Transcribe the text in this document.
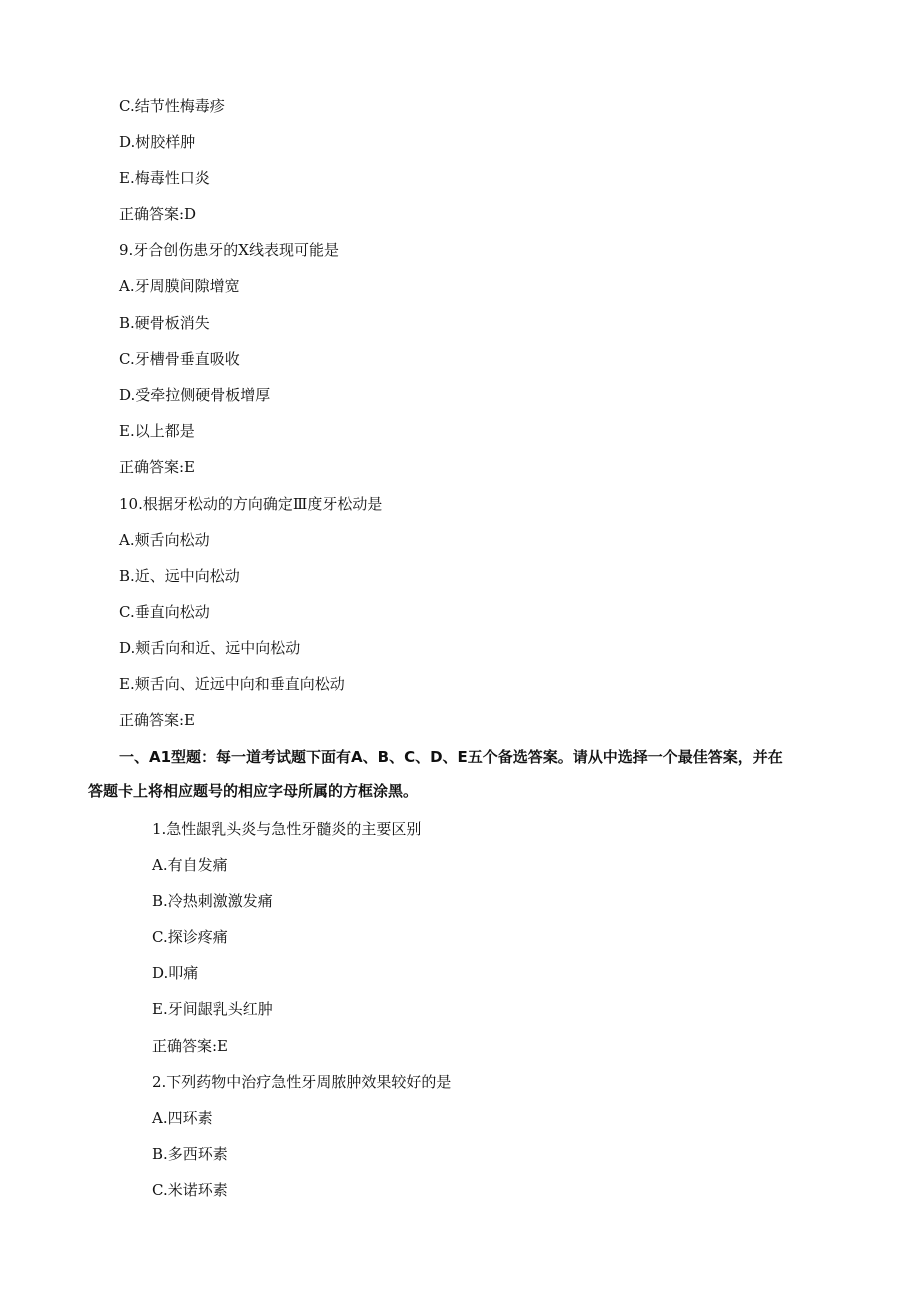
C.结节性梅毒疹
D.树胶样肿
E.梅毒性口炎
正确答案:D
9.牙合创伤患牙的X线表现可能是
A.牙周膜间隙增宽
B.硬骨板消失
C.牙槽骨垂直吸收
D.受牵拉侧硬骨板增厚
E.以上都是
正确答案:E
10.根据牙松动的方向确定Ⅲ度牙松动是
A.颊舌向松动
B.近、远中向松动
C.垂直向松动
D.颊舌向和近、远中向松动
E.颊舌向、近远中向和垂直向松动
正确答案:E
一、A1型题：每一道考试题下面有A、B、C、D、E五个备选答案。请从中选择一个最佳答案，并在
答题卡上将相应题号的相应字母所属的方框涂黑。
1.急性龈乳头炎与急性牙髓炎的主要区别
A.有自发痛
B.冷热刺激激发痛
C.探诊疼痛
D.叩痛
E.牙间龈乳头红肿
正确答案:E
2.下列药物中治疗急性牙周脓肿效果较好的是
A.四环素
B.多西环素
C.米诺环素
